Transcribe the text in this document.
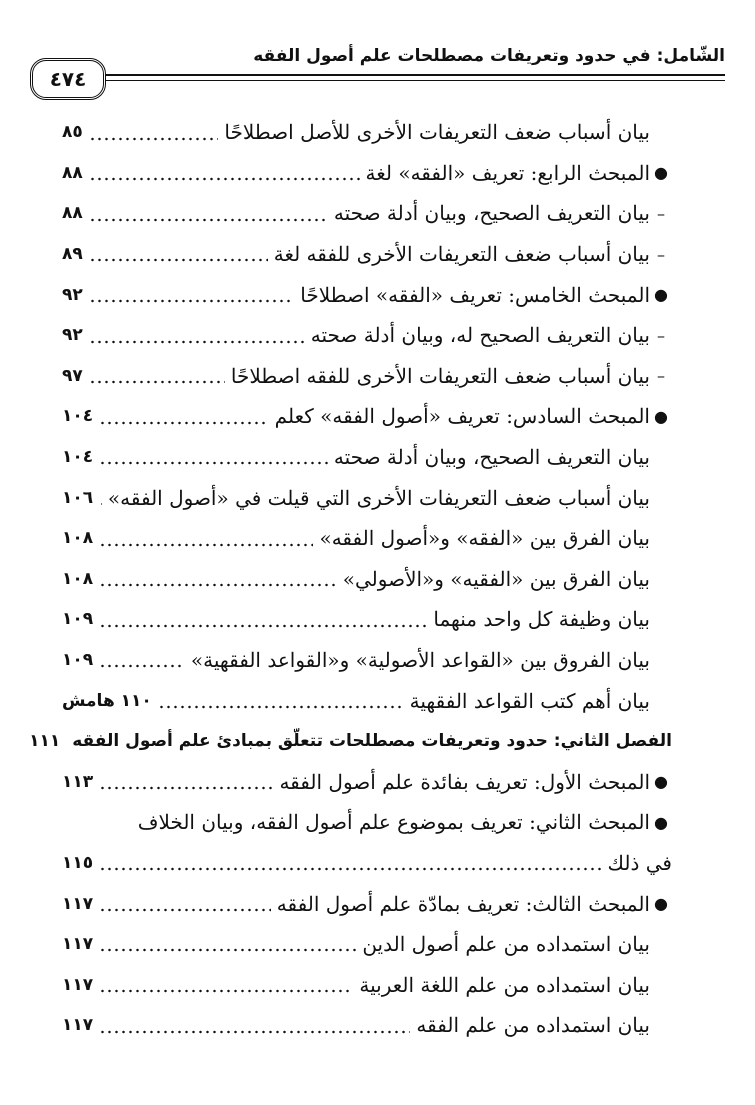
الشّامل: في حدود وتعريفات مصطلحات علم أصول الفقه
٤٧٤
بيان أسباب ضعف التعريفات الأخرى للأصل اصطلاحًا
٨٥
●
المبحث الرابع: تعريف «الفقه» لغة
٨٨
–
بيان التعريف الصحيح، وبيان أدلة صحته
٨٨
–
بيان أسباب ضعف التعريفات الأخرى للفقه لغة
٨٩
●
المبحث الخامس: تعريف «الفقه» اصطلاحًا
٩٢
–
بيان التعريف الصحيح له، وبيان أدلة صحته
٩٢
–
بيان أسباب ضعف التعريفات الأخرى للفقه اصطلاحًا
٩٧
●
المبحث السادس: تعريف «أصول الفقه» كعلم
١٠٤
بيان التعريف الصحيح، وبيان أدلة صحته
١٠٤
بيان أسباب ضعف التعريفات الأخرى التي قيلت في «أصول الفقه»
١٠٦
بيان الفرق بين «الفقه» و«أصول الفقه»
١٠٨
بيان الفرق بين «الفقيه» و«الأصولي»
١٠٨
بيان وظيفة كل واحد منهما
١٠٩
بيان الفروق بين «القواعد الأصولية» و«القواعد الفقهية»
١٠٩
بيان أهم كتب القواعد الفقهية
١١٠ هامش
الفصل الثاني: حدود وتعريفات مصطلحات تتعلّق بمبادئ علم أصول الفقه
١١١
●
المبحث الأول: تعريف بفائدة علم أصول الفقه
١١٣
●
المبحث الثاني: تعريف بموضوع علم أصول الفقه، وبيان الخلاف
في ذلك
١١٥
●
المبحث الثالث: تعريف بمادّة علم أصول الفقه
١١٧
بيان استمداده من علم أصول الدين
١١٧
بيان استمداده من علم اللغة العربية
١١٧
بيان استمداده من علم الفقه
١١٧
